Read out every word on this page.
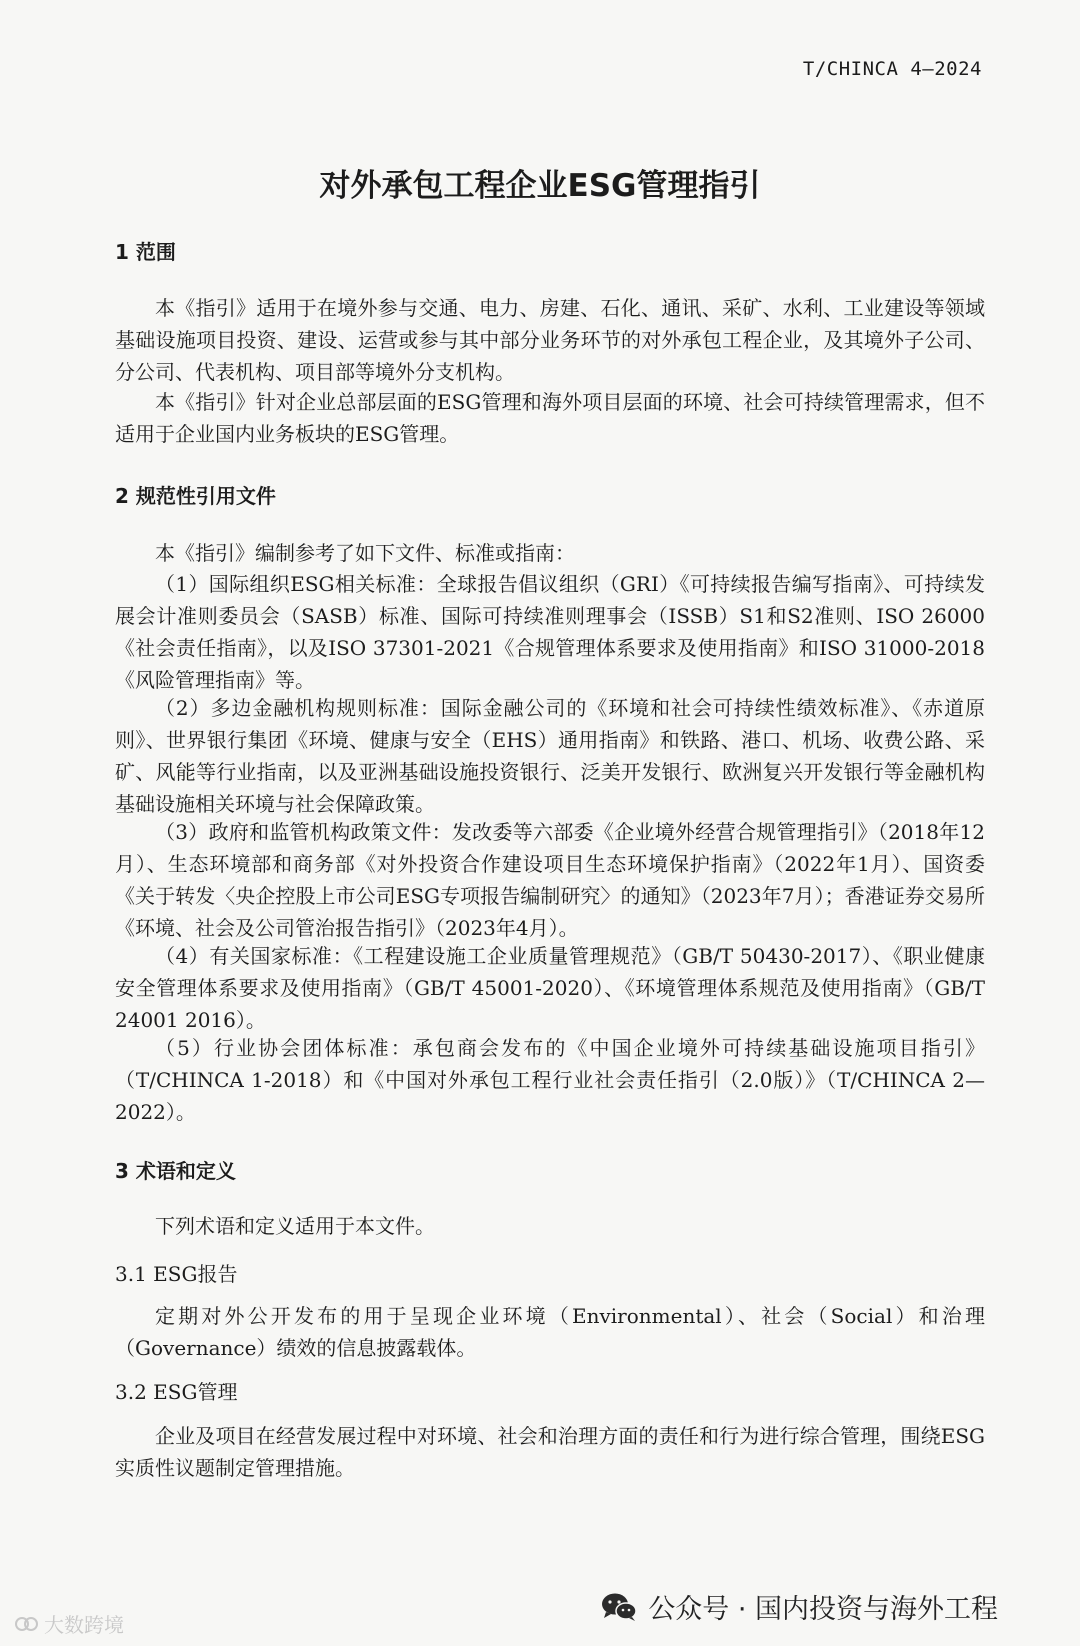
T/CHINCA 4—2024
对外承包工程企业ESG管理指引
1 范围

本《指引》适用于在境外参与交通、电力、房建、石化、通讯、采矿、水利、工业建设等领域基础设施项目投资、建设、运营或参与其中部分业务环节的对外承包工程企业，及其境外子公司、分公司、代表机构、项目部等境外分支机构。

本《指引》针对企业总部层面的ESG管理和海外项目层面的环境、社会可持续管理需求，但不适用于企业国内业务板块的ESG管理。

2 规范性引用文件

本《指引》编制参考了如下文件、标准或指南：

（1）国际组织ESG相关标准：全球报告倡议组织（GRI）《可持续报告编写指南》、可持续发展会计准则委员会（SASB）标准、国际可持续准则理事会（ISSB）S1和S2准则、ISO 26000《社会责任指南》，以及ISO 37301-2021《合规管理体系要求及使用指南》和ISO 31000-2018《风险管理指南》等。

（2）多边金融机构规则标准：国际金融公司的《环境和社会可持续性绩效标准》、《赤道原则》、世界银行集团《环境、健康与安全（EHS）通用指南》和铁路、港口、机场、收费公路、采矿、风能等行业指南，以及亚洲基础设施投资银行、泛美开发银行、欧洲复兴开发银行等金融机构基础设施相关环境与社会保障政策。

（3）政府和监管机构政策文件：发改委等六部委《企业境外经营合规管理指引》（2018年12月）、生态环境部和商务部《对外投资合作建设项目生态环境保护指南》（2022年1月）、国资委《关于转发〈央企控股上市公司ESG专项报告编制研究〉的通知》（2023年7月）；香港证券交易所《环境、社会及公司管治报告指引》（2023年4月）。

（4）有关国家标准：《工程建设施工企业质量管理规范》（GB/T 50430-2017）、《职业健康安全管理体系要求及使用指南》（GB/T 45001-2020）、《环境管理体系规范及使用指南》（GB/T 24001 2016）。

（5）行业协会团体标准：承包商会发布的《中国企业境外可持续基础设施项目指引》（T/CHINCA 1-2018）和《中国对外承包工程行业社会责任指引（2.0版）》（T/CHINCA 2—2022）。

3 术语和定义

下列术语和定义适用于本文件。

3.1 ESG报告

定期对外公开发布的用于呈现企业环境（Environmental）、社会（Social）和治理（Governance）绩效的信息披露载体。

3.2 ESG管理

企业及项目在经营发展过程中对环境、社会和治理方面的责任和行为进行综合管理，围绕ESG实质性议题制定管理措施。

大数跨境	公众号 · 国内投资与海外工程
